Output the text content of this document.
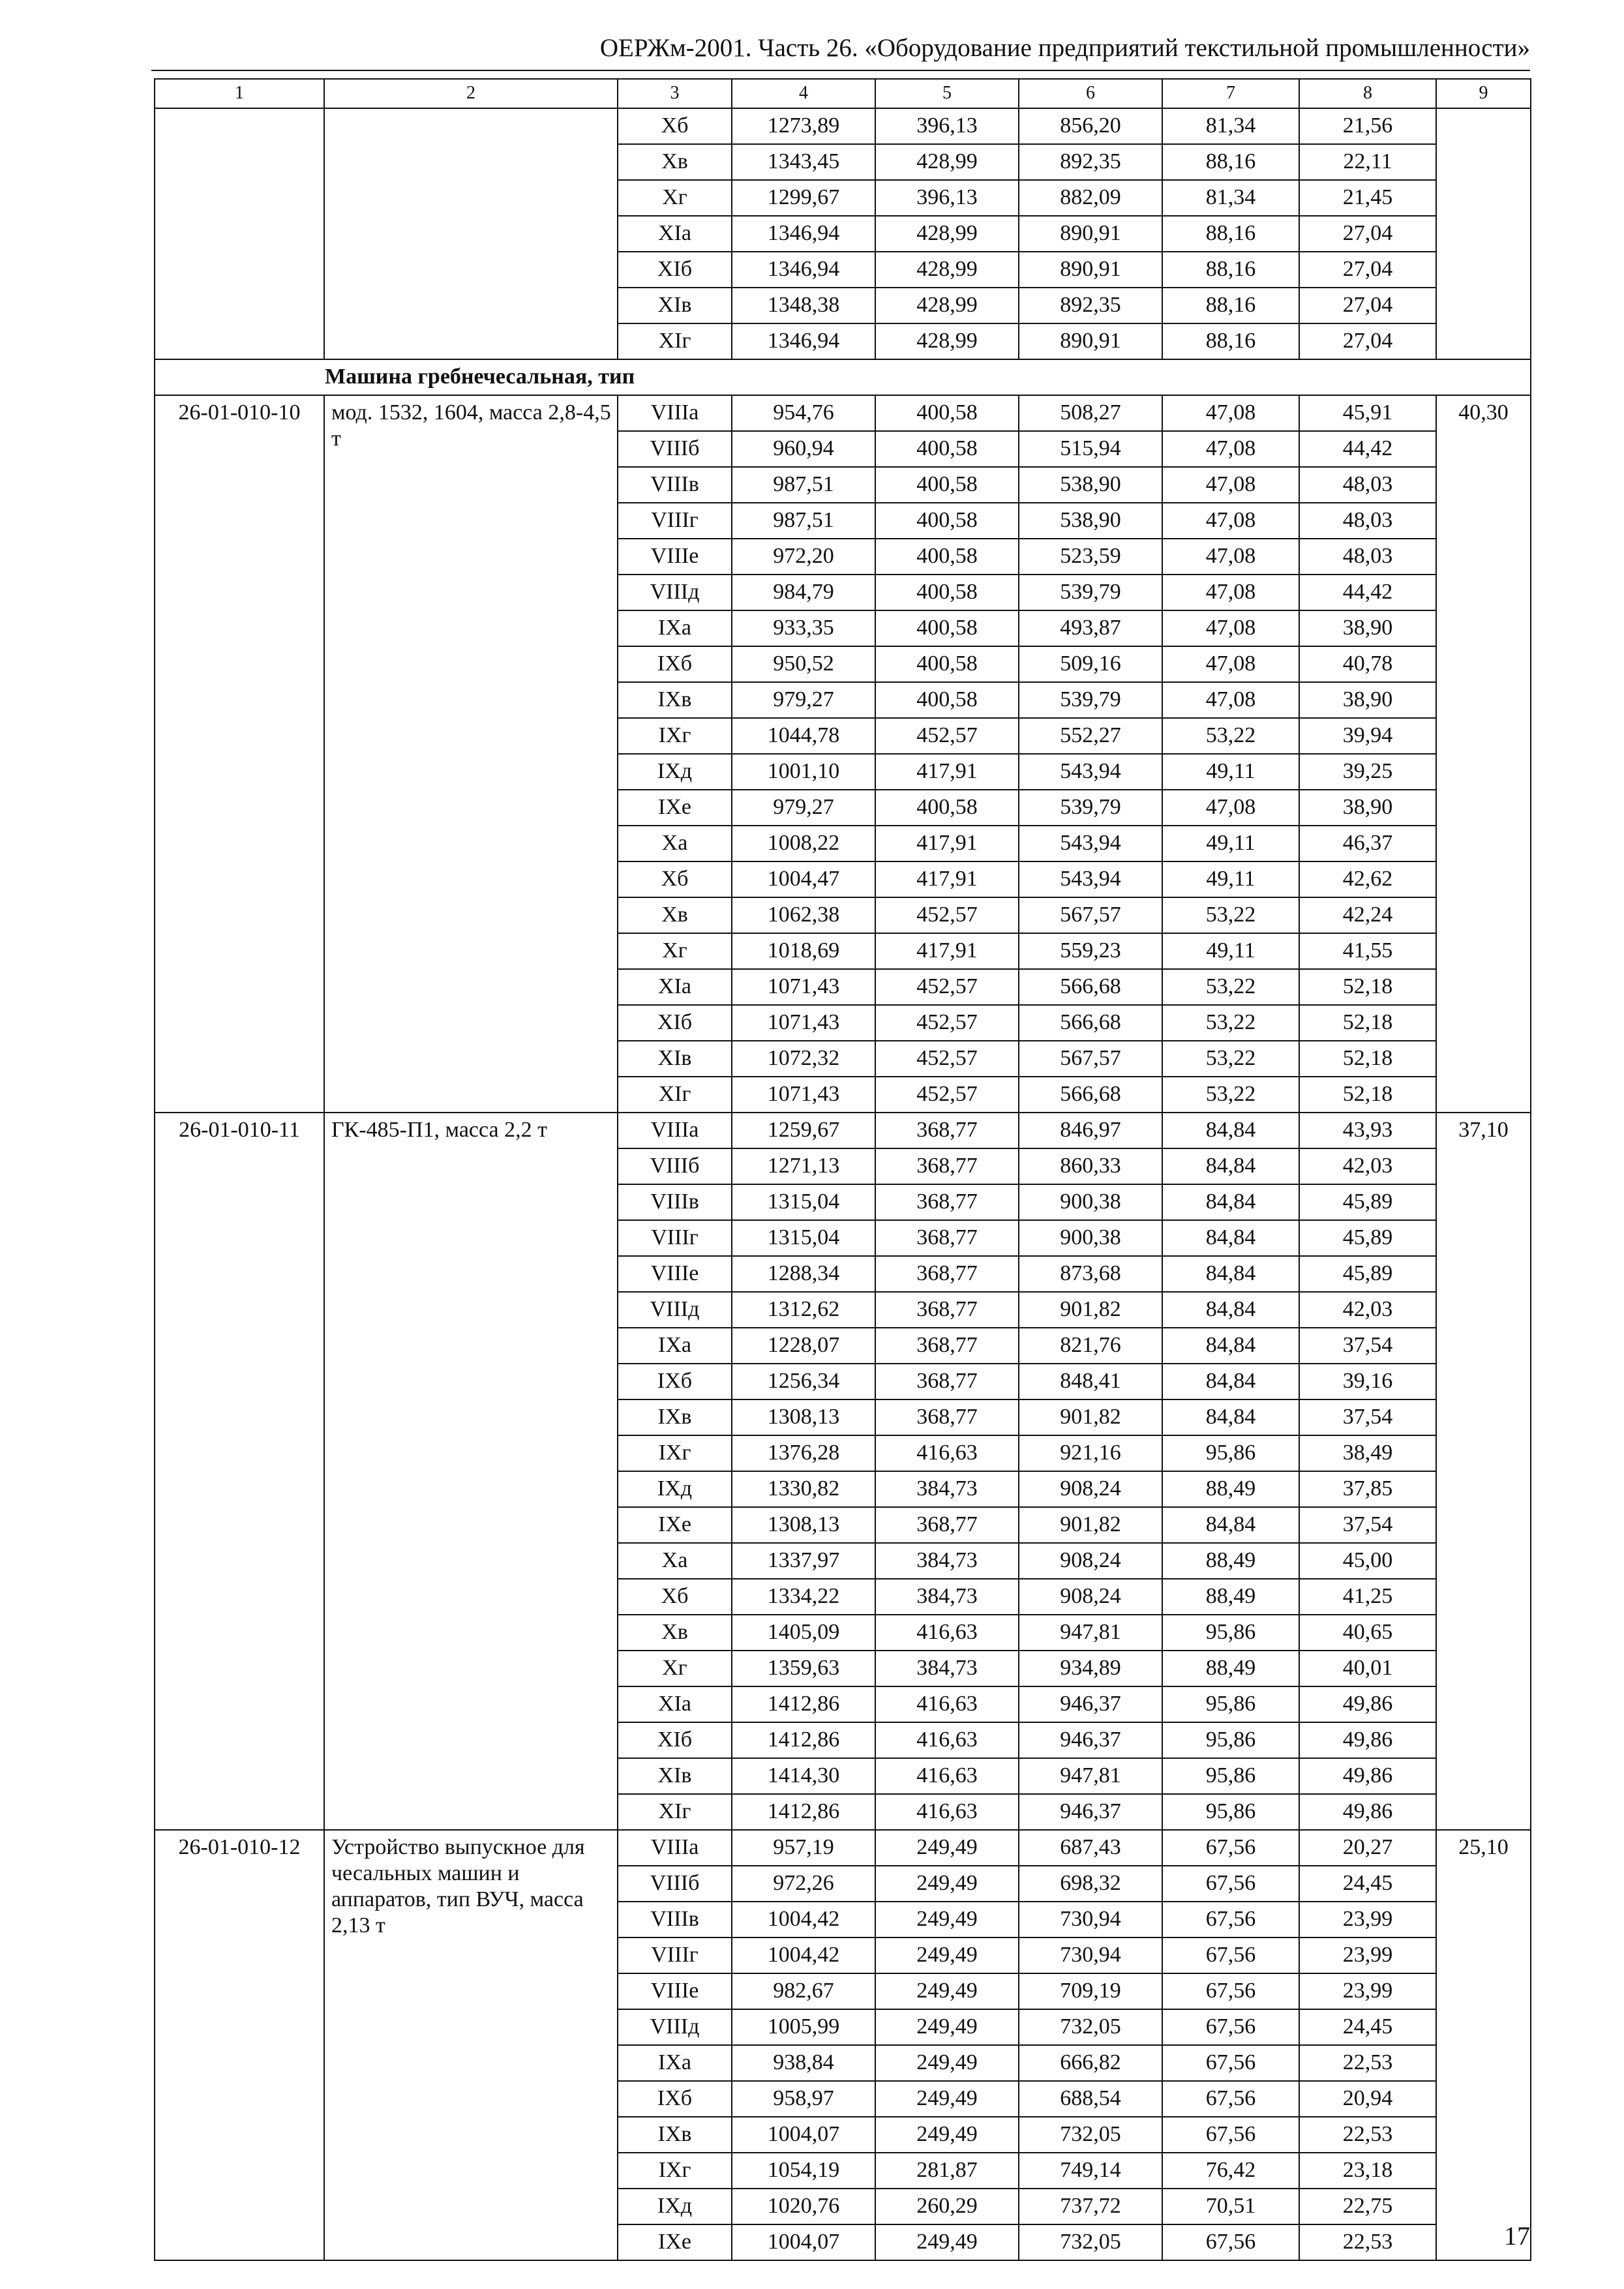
ОЕРЖм-2001. Часть 26. «Оборудование предприятий текстильной промышленности»
1	2	3	4	5	6	7	8	9
		Xб	1273,89	396,13	856,20	81,34	21,56	
		Xв	1343,45	428,99	892,35	88,16	22,11	
		Xг	1299,67	396,13	882,09	81,34	21,45	
		XIа	1346,94	428,99	890,91	88,16	27,04	
		XIб	1346,94	428,99	890,91	88,16	27,04	
		XIв	1348,38	428,99	892,35	88,16	27,04	
		XIг	1346,94	428,99	890,91	88,16	27,04	
Машина гребнечесальная, тип								
26-01-010-10	мод. 1532, 1604, масса 2,8-4,5 т	VIIIа	954,76	400,58	508,27	47,08	45,91	40,30
		VIIIб	960,94	400,58	515,94	47,08	44,42	
		VIIIв	987,51	400,58	538,90	47,08	48,03	
		VIIIг	987,51	400,58	538,90	47,08	48,03	
		VIIIе	972,20	400,58	523,59	47,08	48,03	
		VIIIд	984,79	400,58	539,79	47,08	44,42	
		IXа	933,35	400,58	493,87	47,08	38,90	
		IXб	950,52	400,58	509,16	47,08	40,78	
		IXв	979,27	400,58	539,79	47,08	38,90	
		IXг	1044,78	452,57	552,27	53,22	39,94	
		IXд	1001,10	417,91	543,94	49,11	39,25	
		IXе	979,27	400,58	539,79	47,08	38,90	
		Xа	1008,22	417,91	543,94	49,11	46,37	
		Xб	1004,47	417,91	543,94	49,11	42,62	
		Xв	1062,38	452,57	567,57	53,22	42,24	
		Xг	1018,69	417,91	559,23	49,11	41,55	
		XIа	1071,43	452,57	566,68	53,22	52,18	
		XIб	1071,43	452,57	566,68	53,22	52,18	
		XIв	1072,32	452,57	567,57	53,22	52,18	
		XIг	1071,43	452,57	566,68	53,22	52,18	
26-01-010-11	ГК-485-П1, масса 2,2 т	VIIIа	1259,67	368,77	846,97	84,84	43,93	37,10
		VIIIб	1271,13	368,77	860,33	84,84	42,03	
		VIIIв	1315,04	368,77	900,38	84,84	45,89	
		VIIIг	1315,04	368,77	900,38	84,84	45,89	
		VIIIе	1288,34	368,77	873,68	84,84	45,89	
		VIIIд	1312,62	368,77	901,82	84,84	42,03	
		IXа	1228,07	368,77	821,76	84,84	37,54	
		IXб	1256,34	368,77	848,41	84,84	39,16	
		IXв	1308,13	368,77	901,82	84,84	37,54	
		IXг	1376,28	416,63	921,16	95,86	38,49	
		IXд	1330,82	384,73	908,24	88,49	37,85	
		IXе	1308,13	368,77	901,82	84,84	37,54	
		Xа	1337,97	384,73	908,24	88,49	45,00	
		Xб	1334,22	384,73	908,24	88,49	41,25	
		Xв	1405,09	416,63	947,81	95,86	40,65	
		Xг	1359,63	384,73	934,89	88,49	40,01	
		XIа	1412,86	416,63	946,37	95,86	49,86	
		XIб	1412,86	416,63	946,37	95,86	49,86	
		XIв	1414,30	416,63	947,81	95,86	49,86	
		XIг	1412,86	416,63	946,37	95,86	49,86	
26-01-010-12	Устройство выпускное для чесальных машин и аппаратов, тип ВУЧ, масса 2,13 т	VIIIа	957,19	249,49	687,43	67,56	20,27	25,10
		VIIIб	972,26	249,49	698,32	67,56	24,45	
		VIIIв	1004,42	249,49	730,94	67,56	23,99	
		VIIIг	1004,42	249,49	730,94	67,56	23,99	
		VIIIе	982,67	249,49	709,19	67,56	23,99	
		VIIIд	1005,99	249,49	732,05	67,56	24,45	
		IXа	938,84	249,49	666,82	67,56	22,53	
		IXб	958,97	249,49	688,54	67,56	20,94	
		IXв	1004,07	249,49	732,05	67,56	22,53	
		IXг	1054,19	281,87	749,14	76,42	23,18	
		IXд	1020,76	260,29	737,72	70,51	22,75	
		IXе	1004,07	249,49	732,05	67,56	22,53		17
